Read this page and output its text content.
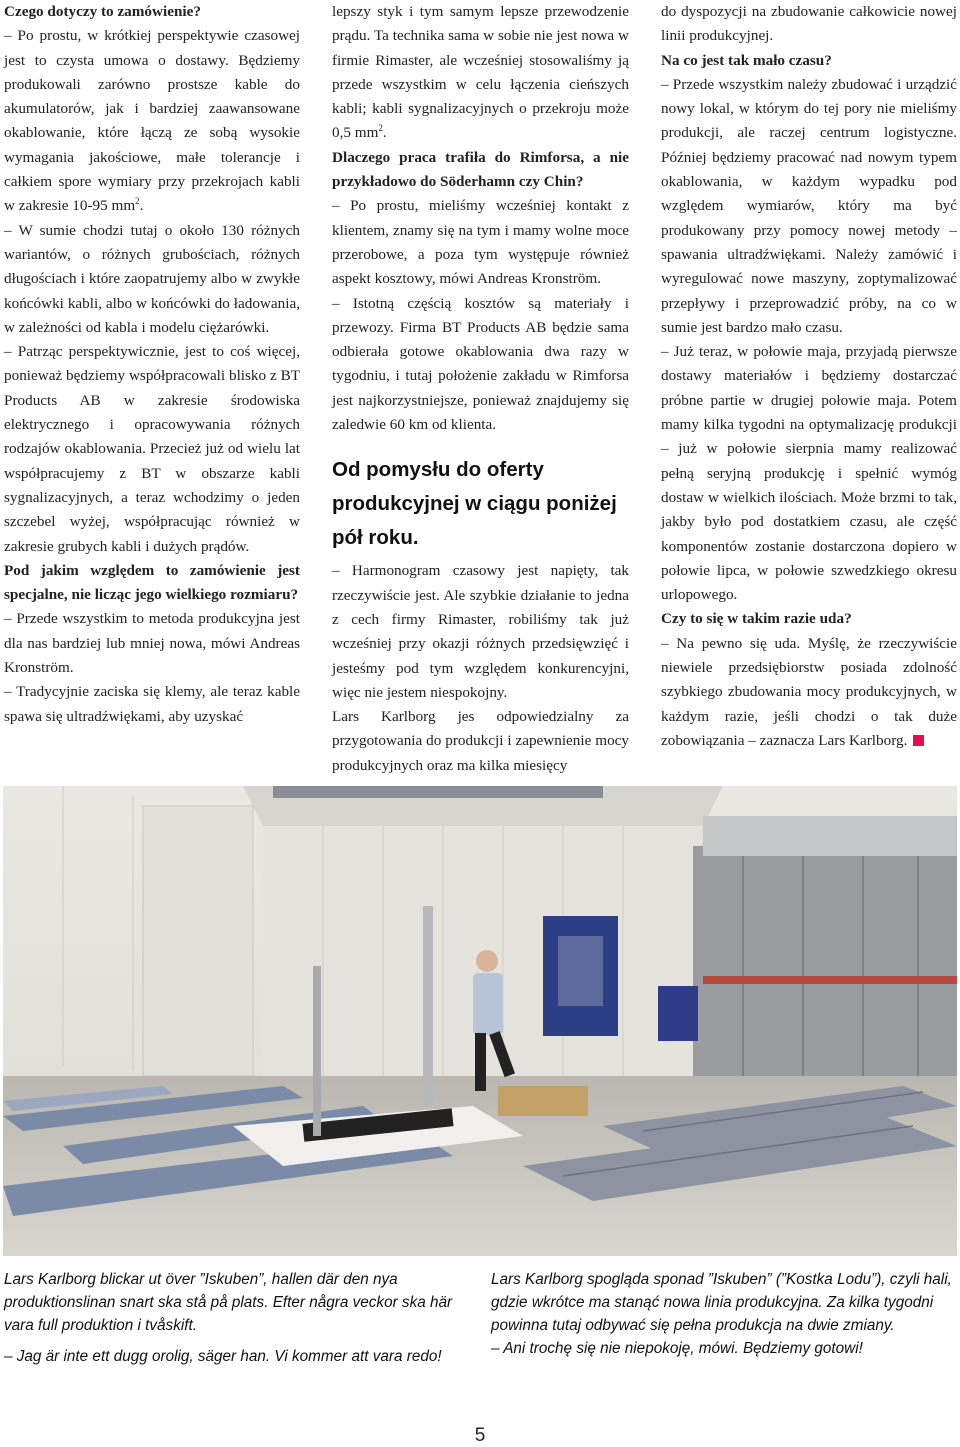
Czego dotyczy to zamówienie?

– Po prostu, w krótkiej perspektywie czasowej jest to czysta umowa o dostawy. Będziemy produkowali zarówno prostsze kable do akumulatorów, jak i bardziej zaawansowane okablowanie, które łączą ze sobą wysokie wymagania jakościowe, małe tolerancje i całkiem spore wymiary przy przekrojach kabli w zakresie 10-95 $mm^2$.

– W sumie chodzi tutaj o około 130 różnych wariantów, o różnych grubościach, różnych długościach i które zaopatrujemy albo w zwykłe końcówki kabli, albo w końcówki do ładowania, w zależności od kabla i modelu ciężarówki.

– Patrząc perspektywicznie, jest to coś więcej, ponieważ będziemy współpracowali blisko z BT Products AB w zakresie środowiska elektrycznego i opracowywania różnych rodzajów okablowania. Przecież już od wielu lat współpracujemy z BT w obszarze kabli sygnalizacyjnych, a teraz wchodzimy o jeden szczebel wyżej, współpracując również w zakresie grubych kabli i dużych prądów.

Pod jakim względem to zamówienie jest specjalne, nie licząc jego wielkiego rozmiaru?

– Przede wszystkim to metoda produkcyjna jest dla nas bardziej lub mniej nowa, mówi Andreas Kronström.

– Tradycyjnie zaciska się klemy, ale teraz kable spawa się ultradźwiękami, aby uzyskać

lepszy styk i tym samym lepsze przewodzenie prądu. Ta technika sama w sobie nie jest nowa w firmie Rimaster, ale wcześniej stosowaliśmy ją przede wszystkim w celu łączenia cieńszych kabli; kabli sygnalizacyjnych o przekroju może 0,5 $mm^2$.

Dlaczego praca trafiła do Rimforsa, a nie przykładowo do Söderhamn czy Chin?

– Po prostu, mieliśmy wcześniej kontakt z klientem, znamy się na tym i mamy wolne moce przerobowe, a poza tym występuje również aspekt kosztowy, mówi Andreas Kronström.

– Istotną częścią kosztów są materiały i przewozy. Firma BT Products AB będzie sama odbierała gotowe okablowania dwa razy w tygodniu, i tutaj położenie zakładu w Rimforsa jest najkorzystniejsze, ponieważ znajdujemy się zaledwie 60 km od klienta.

Od pomysłu do oferty produkcyjnej w ciągu poniżej pół roku.

– Harmonogram czasowy jest napięty, tak rzeczywiście jest. Ale szybkie działanie to jedna z cech firmy Rimaster, robiliśmy tak już wcześniej przy okazji różnych przedsięwzięć i jesteśmy pod tym względem konkurencyjni, więc nie jestem niespokojny.

Lars Karlborg jes odpowiedzialny za przygotowania do produkcji i zapewnienie mocy produkcyjnych oraz ma kilka miesięcy

do dyspozycji na zbudowanie całkowicie nowej linii produkcyjnej.

Na co jest tak mało czasu?

– Przede wszystkim należy zbudować i urządzić nowy lokal, w którym do tej pory nie mieliśmy produkcji, ale raczej centrum logistyczne. Później będziemy pracować nad nowym typem okablowania, w każdym wypadku pod względem wymiarów, który ma być produkowany przy pomocy nowej metody – spawania ultradźwiękami. Należy zamówić i wyregulować nowe maszyny, zoptymalizować przepływy i przeprowadzić próby, na co w sumie jest bardzo mało czasu.

– Już teraz, w połowie maja, przyjadą pierwsze dostawy materiałów i będziemy dostarczać próbne partie w drugiej połowie maja. Potem mamy kilka tygodni na optymalizację produkcji – już w połowie sierpnia mamy realizować pełną seryjną produkcję i spełnić wymóg dostaw w wielkich ilościach. Może brzmi to tak, jakby było pod dostatkiem czasu, ale część komponentów zostanie dostarczona dopiero w połowie lipca, w połowie szwedzkiego okresu urlopowego.

Czy to się w takim razie uda?

– Na pewno się uda. Myślę, że rzeczywiście niewiele przedsiębiorstw posiada zdolność szybkiego zbudowania mocy produkcyjnych, w każdym razie, jeśli chodzi o tak duże zobowiązania – zaznacza Lars Karlborg.

Lars Karlborg blickar ut över ”Iskuben”, hallen där den nya produktionslinan snart ska stå på plats. Efter några veckor ska här vara full produktion i tvåskift.

– Jag är inte ett dugg orolig, säger han. Vi kommer att vara redo!

Lars Karlborg spogląda sponad ”Iskuben” (”Kostka Lodu”), czyli hali, gdzie wkrótce ma stanąć nowa linia produkcyjna. Za kilka tygodni powinna tutaj odbywać się pełna produkcja na dwie zmiany.

– Ani trochę się nie niepokoję, mówi. Będziemy gotowi!

5
